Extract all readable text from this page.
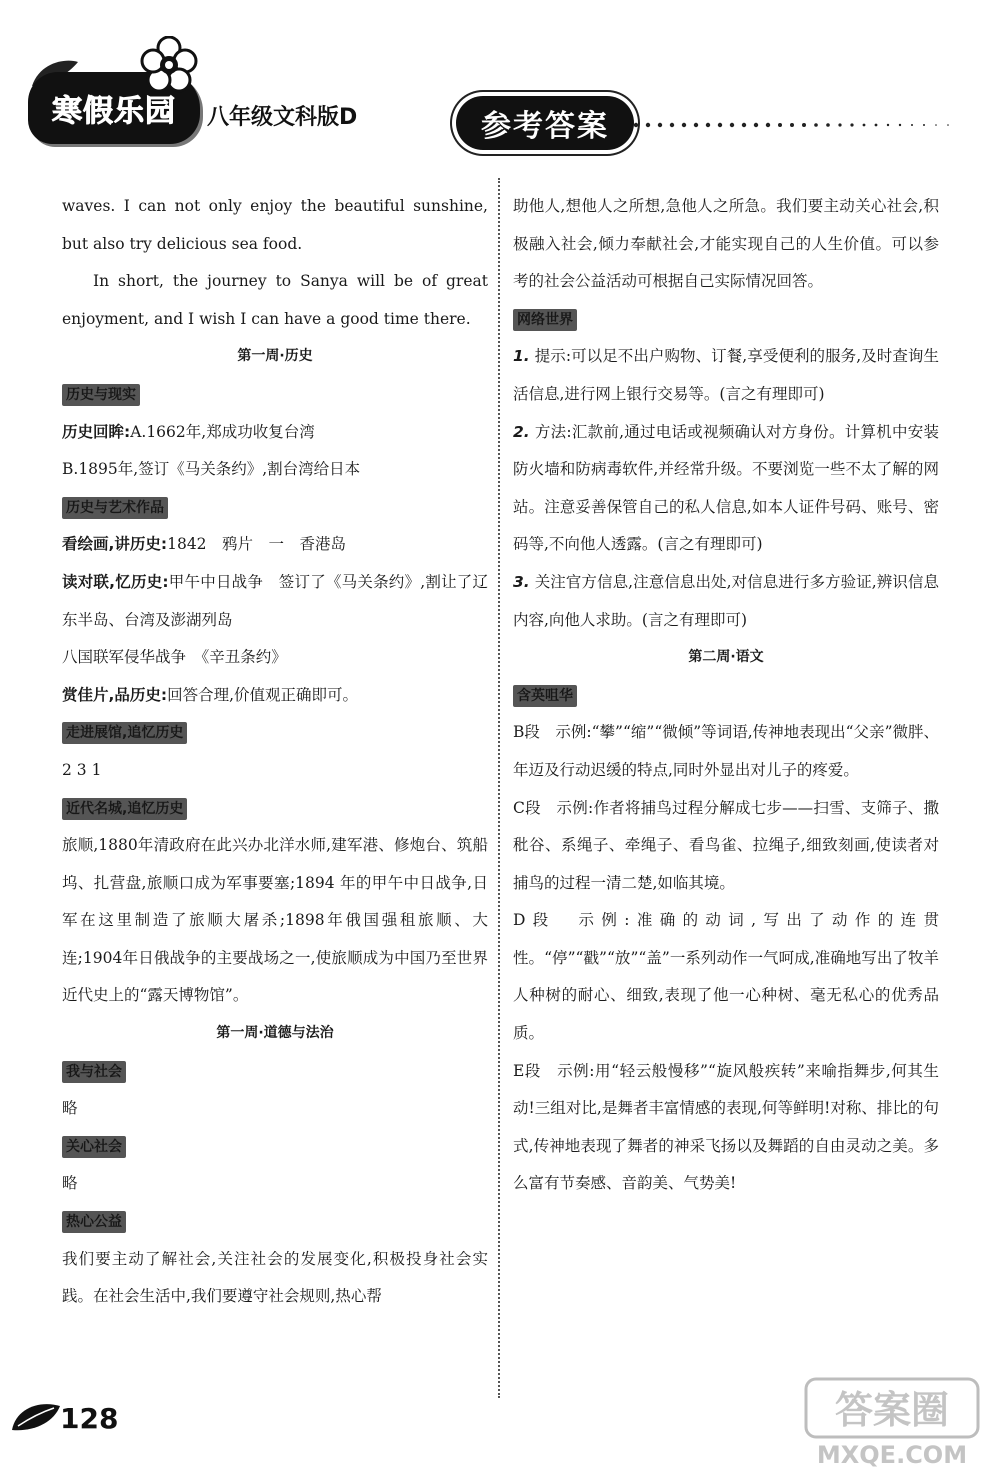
寒假乐园 八年级文科版D	参考答案

waves. I can not only enjoy the beautiful sunshine, but also try delicious sea food.

In short, the journey to Sanya will be of great enjoyment, and I wish I can have a good time there.

第一周·历史

历史与现实

历史回眸:A.1662年,郑成功收复台湾

B.1895年,签订《马关条约》,割台湾给日本

历史与艺术作品

看绘画,讲历史:1842　鸦片　一　香港岛

读对联,忆历史:甲午中日战争　签订了《马关条约》,割让了辽东半岛、台湾及澎湖列岛

八国联军侵华战争　《辛丑条约》

赏佳片,品历史:回答合理,价值观正确即可。

走进展馆,追忆历史

2 3 1

近代名城,追忆历史

旅顺,1880年清政府在此兴办北洋水师,建军港、修炮台、筑船坞、扎营盘,旅顺口成为军事要塞;1894 年的甲午中日战争,日军在这里制造了旅顺大屠杀;1898年俄国强租旅顺、大连;1904年日俄战争的主要战场之一,使旅顺成为中国乃至世界近代史上的“露天博物馆”。

第一周·道德与法治

我与社会

略

关心社会

略

热心公益

我们要主动了解社会,关注社会的发展变化,积极投身社会实践。在社会生活中,我们要遵守社会规则,热心帮

助他人,想他人之所想,急他人之所急。我们要主动关心社会,积极融入社会,倾力奉献社会,才能实现自己的人生价值。可以参考的社会公益活动可根据自己实际情况回答。

网络世界

1. 提示:可以足不出户购物、订餐,享受便利的服务,及时查询生活信息,进行网上银行交易等。(言之有理即可)

2. 方法:汇款前,通过电话或视频确认对方身份。计算机中安装防火墙和防病毒软件,并经常升级。不要浏览一些不太了解的网站。注意妥善保管自己的私人信息,如本人证件号码、账号、密码等,不向他人透露。(言之有理即可)

3. 关注官方信息,注意信息出处,对信息进行多方验证,辨识信息内容,向他人求助。(言之有理即可)

第二周·语文

含英咀华

B段　示例:“攀”“缩”“微倾”等词语,传神地表现出“父亲”微胖、年迈及行动迟缓的特点,同时外显出对儿子的疼爱。

C段　示例:作者将捕鸟过程分解成七步——扫雪、支筛子、撒秕谷、系绳子、牵绳子、看鸟雀、拉绳子,细致刻画,使读者对捕鸟的过程一清二楚,如临其境。

D段　示例:准确的动词,写出了动作的连贯性。“停”“戳”“放”“盖”一系列动作一气呵成,准确地写出了牧羊人种树的耐心、细致,表现了他一心种树、毫无私心的优秀品质。

E段　示例:用“轻云般慢移”“旋风般疾转”来喻指舞步,何其生动!三组对比,是舞者丰富情感的表现,何等鲜明!对称、排比的句式,传神地表现了舞者的神采飞扬以及舞蹈的自由灵动之美。多么富有节奏感、音韵美、气势美!

128	答案圈
MXQE.COM
